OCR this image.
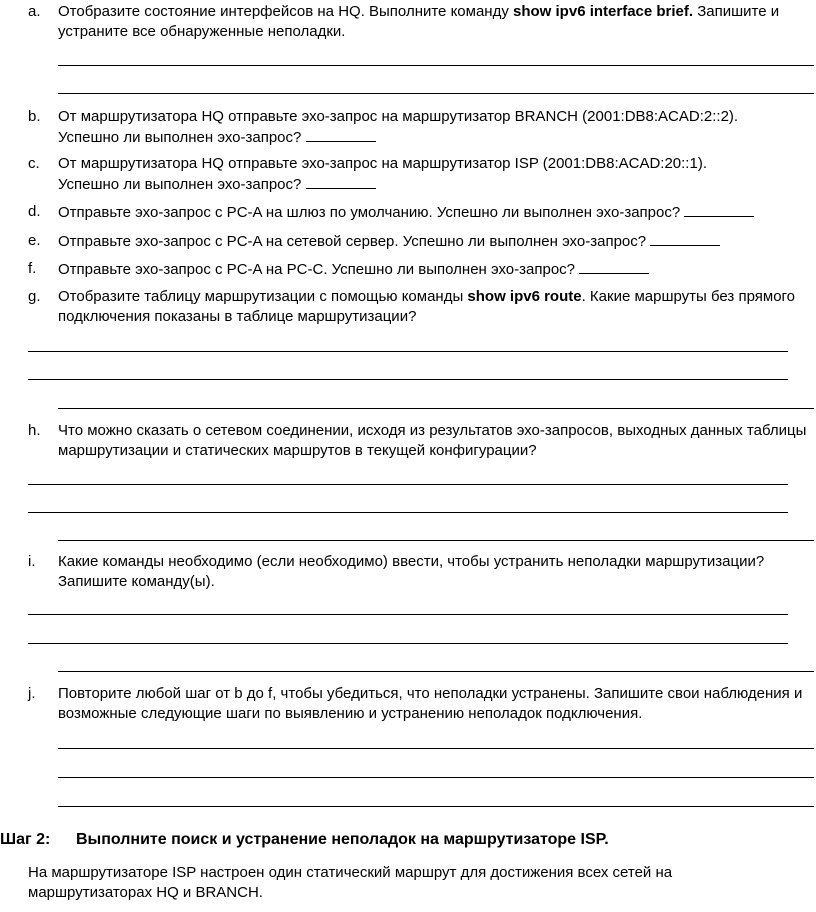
a. Отобразите состояние интерфейсов на HQ. Выполните команду show ipv6 interface brief. Запишите и устраните все обнаруженные неполадки.
b. От маршрутизатора HQ отправьте эхо-запрос на маршрутизатор BRANCH (2001:DB8:ACAD:2::2).
Успешно ли выполнен эхо-запрос?
c. От маршрутизатора HQ отправьте эхо-запрос на маршрутизатор ISP (2001:DB8:ACAD:20::1).
Успешно ли выполнен эхо-запрос?
d. Отправьте эхо-запрос с PC-A на шлюз по умолчанию. Успешно ли выполнен эхо-запрос?
e. Отправьте эхо-запрос с PC-A на сетевой сервер. Успешно ли выполнен эхо-запрос?
f. Отправьте эхо-запрос с PC-A на PC-C. Успешно ли выполнен эхо-запрос?
g. Отобразите таблицу маршрутизации с помощью команды show ipv6 route. Какие маршруты без прямого подключения показаны в таблице маршрутизации?
h. Что можно сказать о сетевом соединении, исходя из результатов эхо-запросов, выходных данных таблицы маршрутизации и статических маршрутов в текущей конфигурации?
i. Какие команды необходимо (если необходимо) ввести, чтобы устранить неполадки маршрутизации? Запишите команду(ы).
j. Повторите любой шаг от b до f, чтобы убедиться, что неполадки устранены. Запишите свои наблюдения и возможные следующие шаги по выявлению и устранению неполадок подключения.
Шаг 2: Выполните поиск и устранение неполадок на маршрутизаторе ISP.
На маршрутизаторе ISP настроен один статический маршрут для достижения всех сетей на маршрутизаторах HQ и BRANCH.
